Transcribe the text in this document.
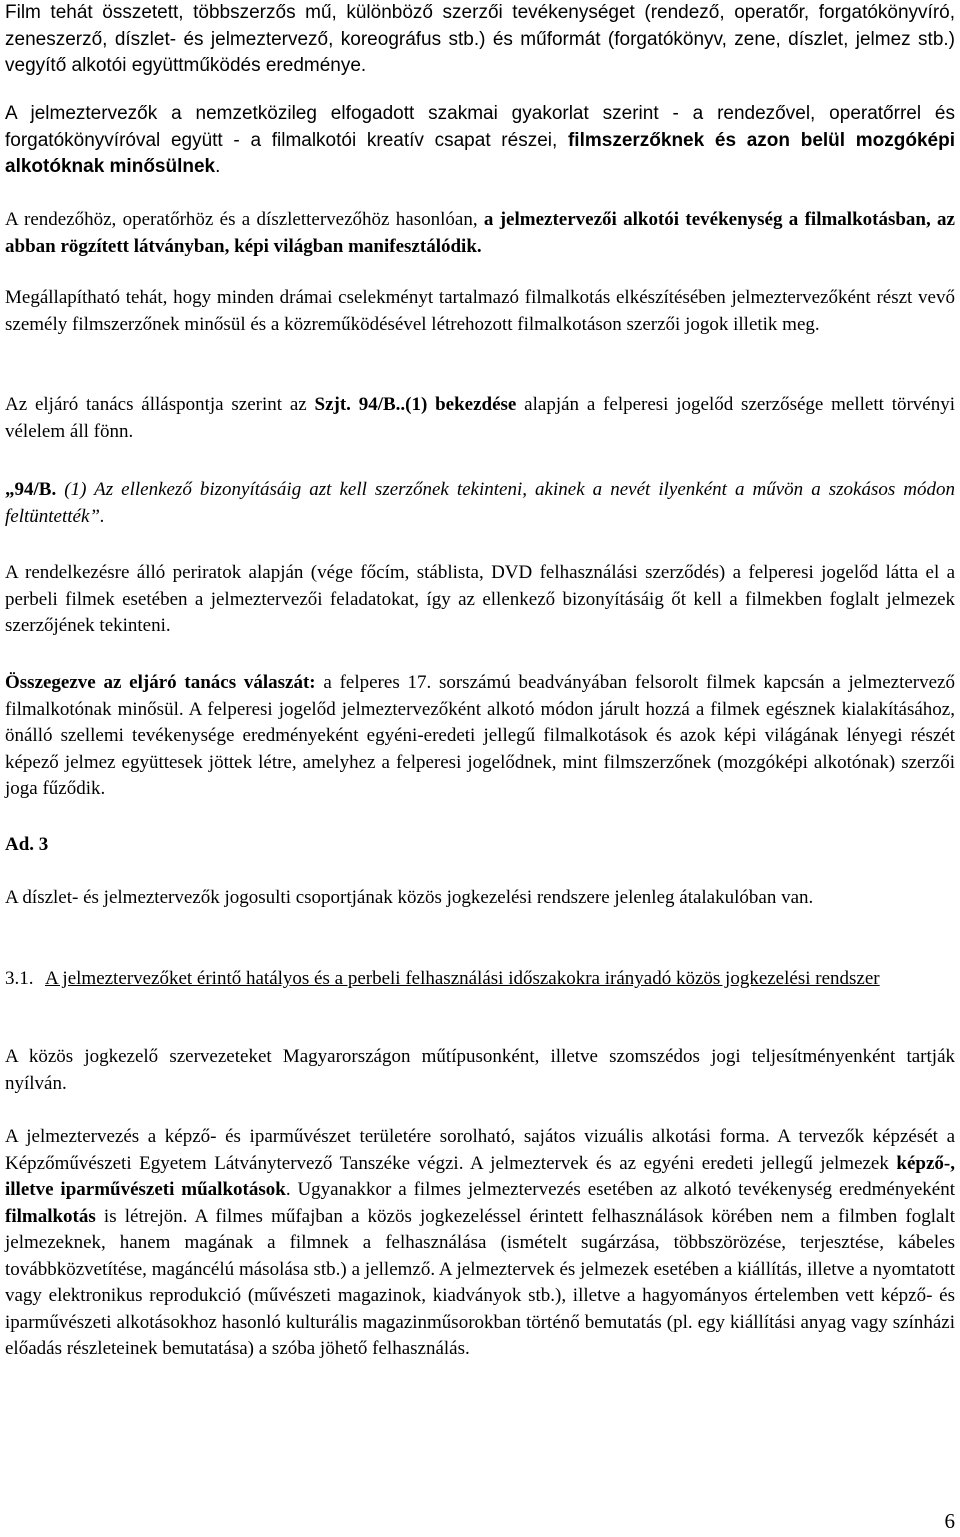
Film tehát összetett, többszerzős mű, különböző szerzői tevékenységet (rendező, operatőr, forgatókönyvíró, zeneszerző, díszlet- és jelmeztervező, koreográfus stb.) és műformát (forgatókönyv, zene, díszlet, jelmez stb.) vegyítő alkotói együttműködés eredménye.

A jelmeztervezők a nemzetközileg elfogadott szakmai gyakorlat szerint - a rendezővel, operatőrrel és forgatókönyvíróval együtt - a filmalkotói kreatív csapat részei, filmszerzőknek és azon belül mozgóképi alkotóknak minősülnek.

A rendezőhöz, operatőrhöz és a díszlettervezőhöz hasonlóan, a jelmeztervezői alkotói tevékenység a filmalkotásban, az abban rögzített látványban, képi világban manifesztálódik.

Megállapítható tehát, hogy minden drámai cselekményt tartalmazó filmalkotás elkészítésében jelmeztervezőként részt vevő személy filmszerzőnek minősül és a közreműködésével létrehozott filmalkotáson szerzői jogok illetik meg.

Az eljáró tanács álláspontja szerint az Szjt. 94/B..(1) bekezdése alapján a felperesi jogelőd szerzősége mellett törvényi vélelem áll fönn.

„94/B. (1) Az ellenkező bizonyításáig azt kell szerzőnek tekinteni, akinek a nevét ilyenként a művön a szokásos módon feltüntették”.

A rendelkezésre álló periratok alapján (vége főcím, stáblista, DVD felhasználási szerződés) a felperesi jogelőd látta el a perbeli filmek esetében a jelmeztervezői feladatokat, így az ellenkező bizonyításáig őt kell a filmekben foglalt jelmezek szerzőjének tekinteni.

Összegezve az eljáró tanács válaszát: a felperes 17. sorszámú beadványában felsorolt filmek kapcsán a jelmeztervező filmalkotónak minősül. A felperesi jogelőd jelmeztervezőként alkotó módon járult hozzá a filmek egésznek kialakításához, önálló szellemi tevékenysége eredményeként egyéni-eredeti jellegű filmalkotások és azok képi világának lényegi részét képező jelmez együttesek jöttek létre, amelyhez a felperesi jogelődnek, mint filmszerzőnek (mozgóképi alkotónak) szerzői joga fűződik.

Ad. 3

A díszlet- és jelmeztervezők jogosulti csoportjának közös jogkezelési rendszere jelenleg átalakulóban van.

3.1. A jelmeztervezőket érintő hatályos és a perbeli felhasználási időszakokra irányadó közös jogkezelési rendszer

A közös jogkezelő szervezeteket Magyarországon műtípusonként, illetve szomszédos jogi teljesítményenként tartják nyílván.

A jelmeztervezés a képző- és iparművészet területére sorolható, sajátos vizuális alkotási forma. A tervezők képzését a Képzőművészeti Egyetem Látványtervező Tanszéke végzi. A jelmeztervek és az egyéni eredeti jellegű jelmezek képző-, illetve iparművészeti műalkotások. Ugyanakkor a filmes jelmeztervezés esetében az alkotó tevékenység eredményeként filmalkotás is létrejön. A filmes műfajban a közös jogkezeléssel érintett felhasználások körében nem a filmben foglalt jelmezeknek, hanem magának a filmnek a felhasználása (ismételt sugárzása, többszörözése, terjesztése, kábeles továbbközvetítése, magáncélú másolása stb.) a jellemző. A jelmeztervek és jelmezek esetében a kiállítás, illetve a nyomtatott vagy elektronikus reprodukció (művészeti magazinok, kiadványok stb.), illetve a hagyományos értelemben vett képző- és iparművészeti alkotásokhoz hasonló kulturális magazinműsorokban történő bemutatás (pl. egy kiállítási anyag vagy színházi előadás részleteinek bemutatása) a szóba jöhető felhasználás.

6
